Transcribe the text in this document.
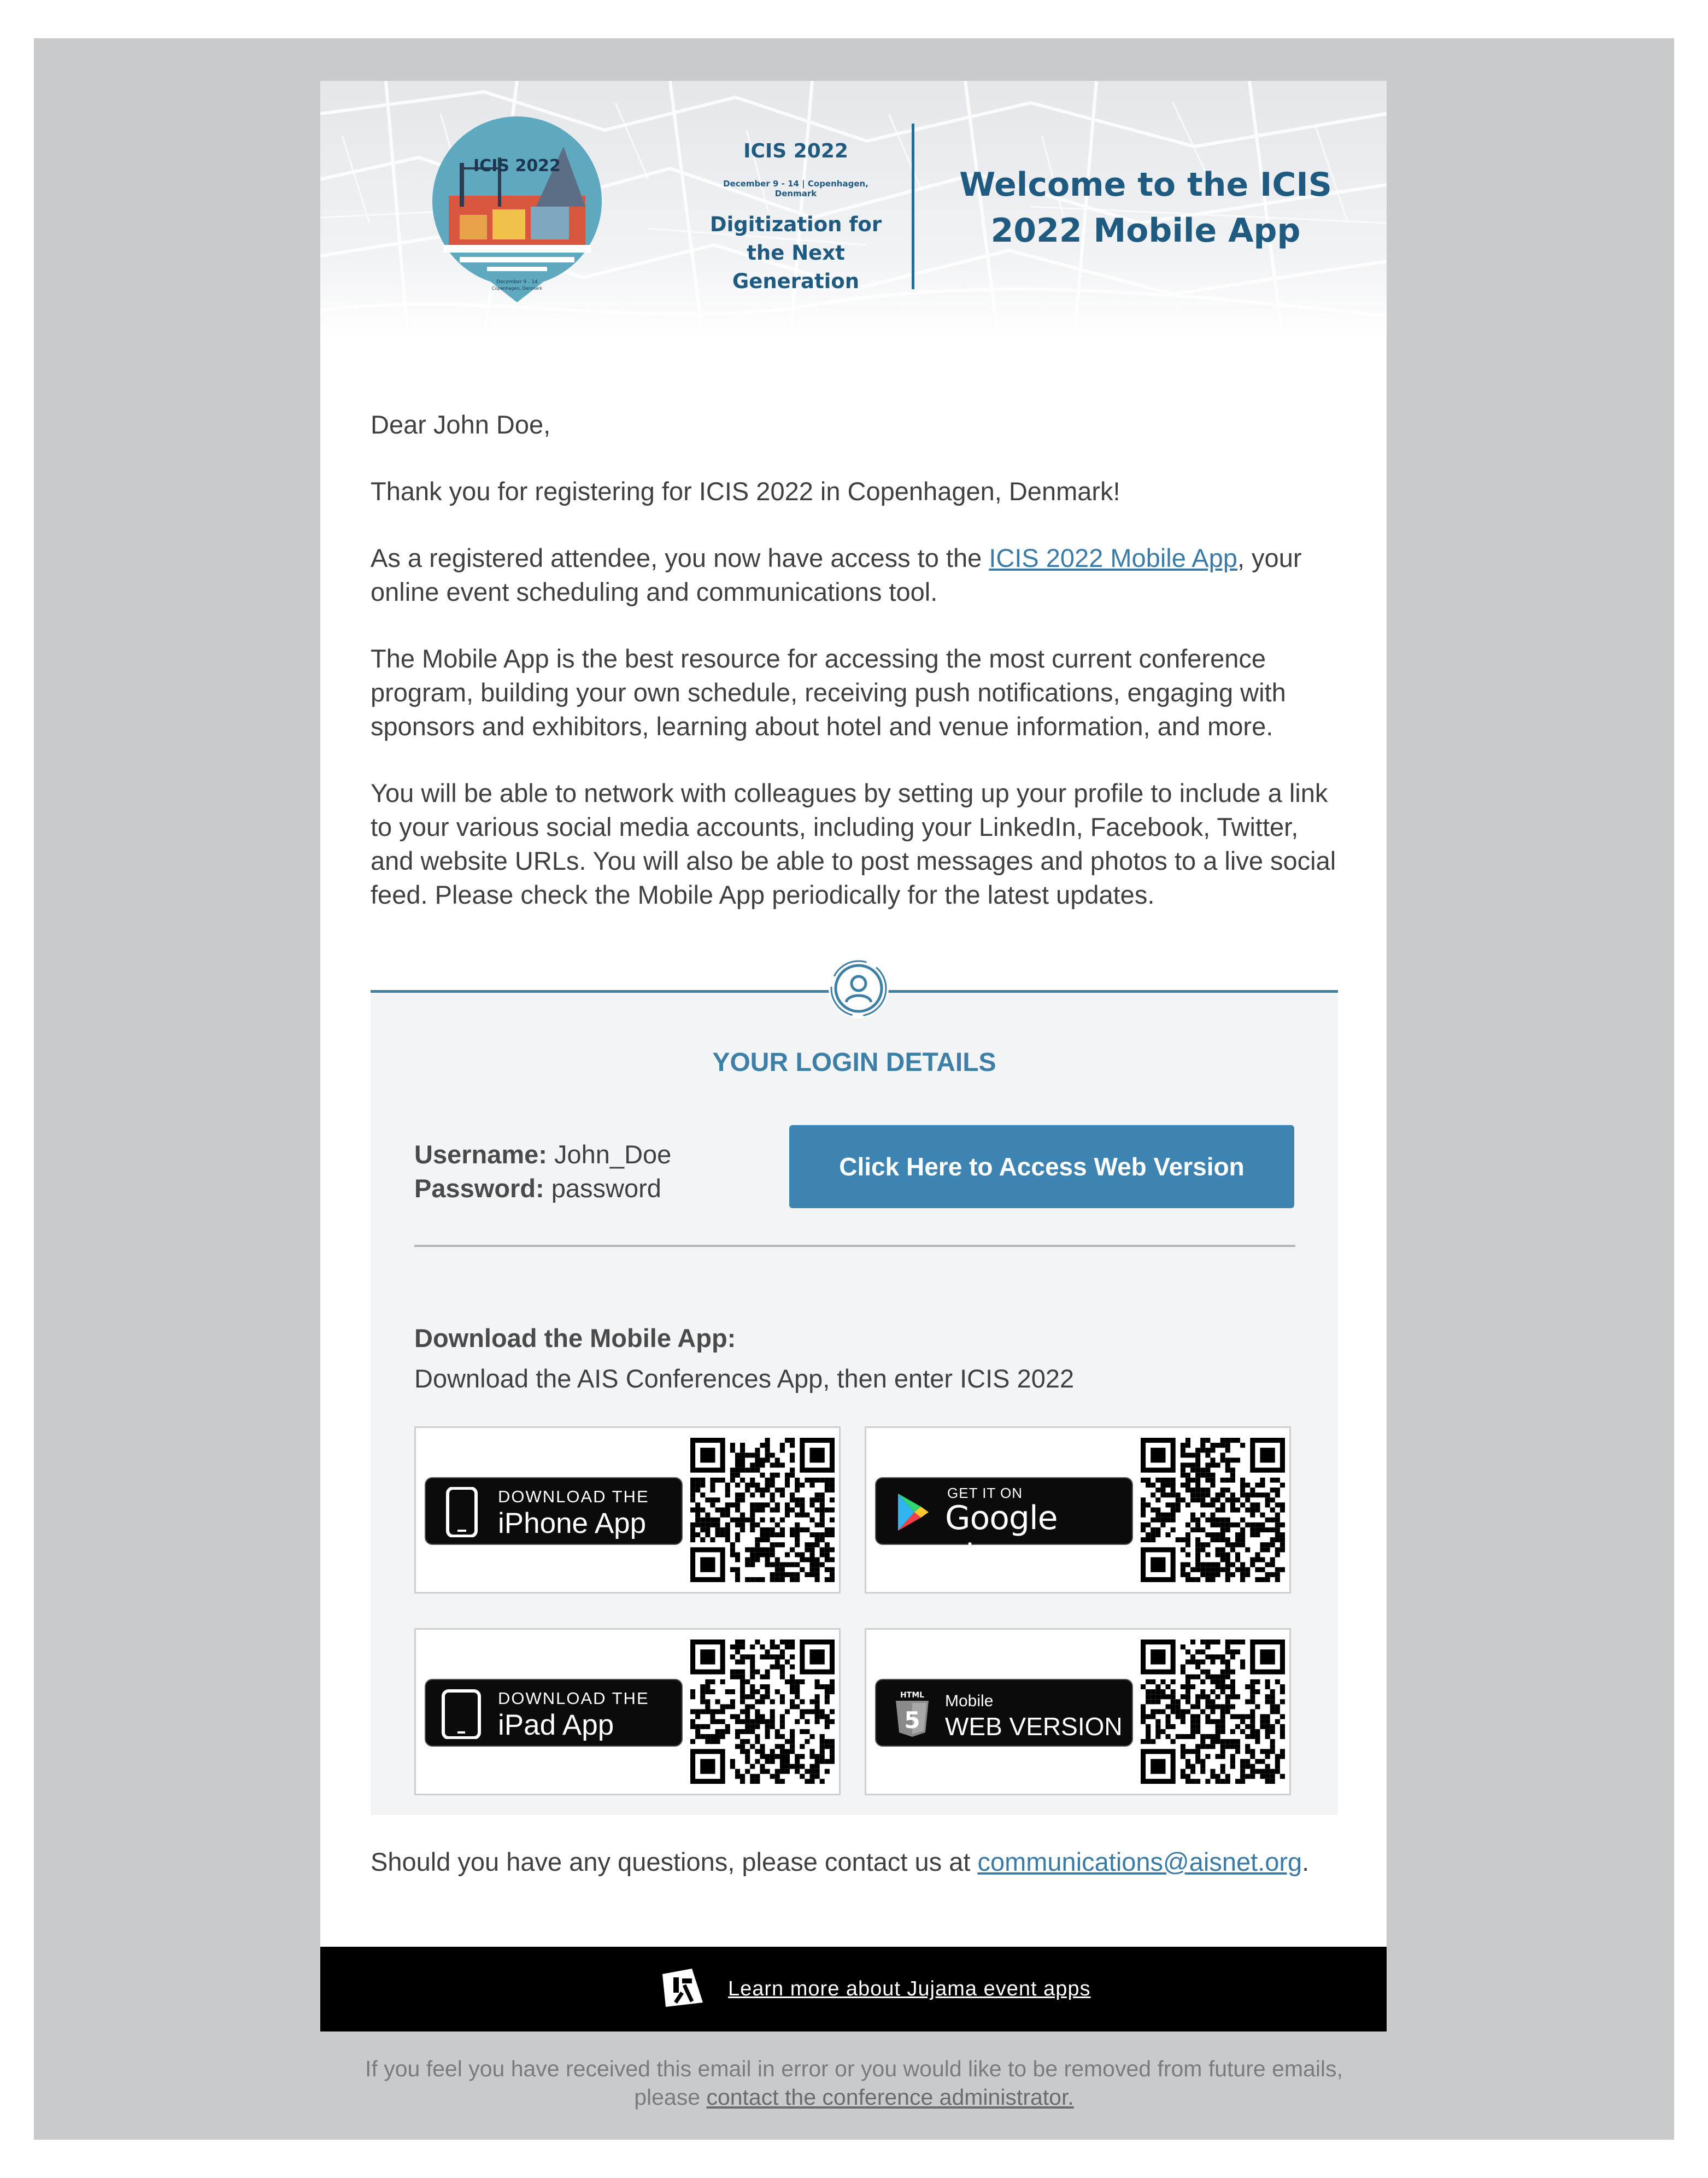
ICIS 2022
December 9 - 14
Copenhagen, Denmark
ICIS 2022
December 9 - 14 | Copenhagen, Denmark
Digitization for the Next Generation
Welcome to the ICIS 2022 Mobile App

Dear John Doe,

Thank you for registering for ICIS 2022 in Copenhagen, Denmark!

As a registered attendee, you now have access to the ICIS 2022 Mobile App, your online event scheduling and communications tool.

The Mobile App is the best resource for accessing the most current conference program, building your own schedule, receiving push notifications, engaging with sponsors and exhibitors, learning about hotel and venue information, and more.

You will be able to network with colleagues by setting up your profile to include a link to your various social media accounts, including your LinkedIn, Facebook, Twitter, and website URLs. You will also be able to post messages and photos to a live social feed. Please check the Mobile App periodically for the latest updates.

YOUR LOGIN DETAILS
Username: John_Doe
Password: password
Click Here to Access Web Version
Download the Mobile App:
Download the AIS Conferences App, then enter ICIS 2022
DOWNLOAD THE
iPhone App
GET IT ON
Google play
DOWNLOAD THE
iPad App
HTML
5
Mobile
WEB VERSION
Should you have any questions, please contact us at communications@aisnet.org.
Learn more about Jujama event apps
If you feel you have received this email in error or you would like to be removed from future emails,
please contact the conference administrator.
